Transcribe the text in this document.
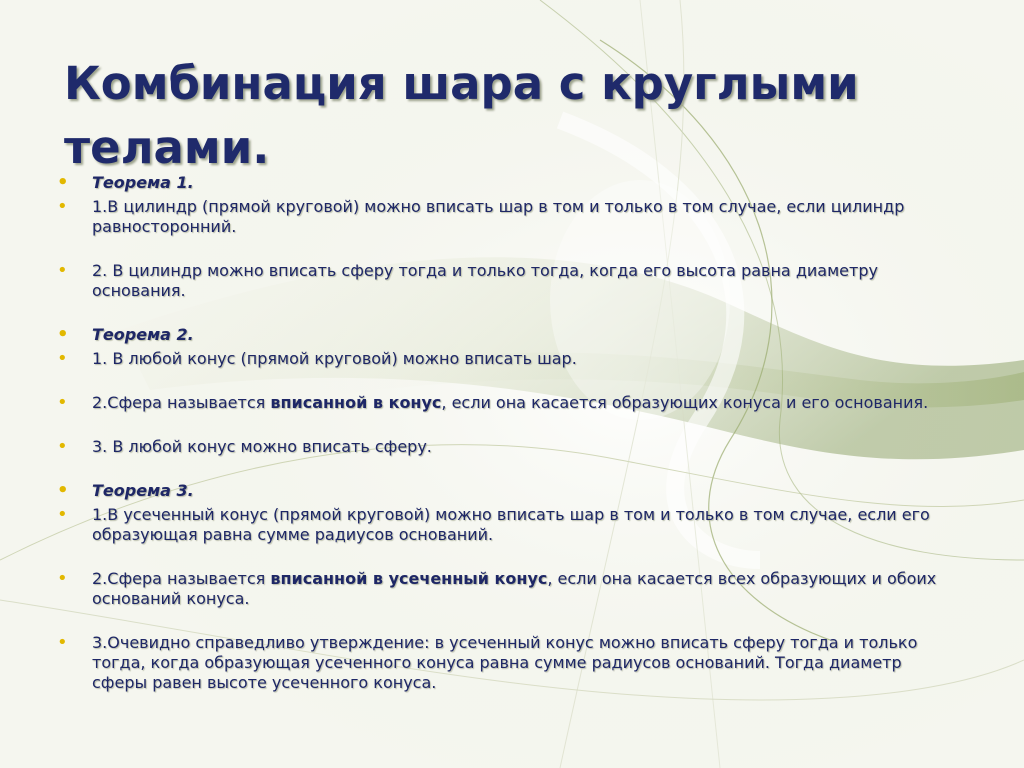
Комбинация шара с круглыми телами.
• Теорема 1.
• 1.В цилиндр (прямой круговой) можно вписать шар в том и только в том случае, если цилиндр равносторонний.
• 2. В цилиндр можно вписать сферу тогда и только тогда, когда его высота равна диаметру основания.
• Теорема 2.
• 1. В любой конус (прямой круговой) можно вписать шар.
• 2.Сфера называется вписанной в конус, если она касается образующих конуса и его основания.
• 3. В любой конус можно вписать сферу.
• Теорема 3.
• 1.В усеченный конус (прямой круговой) можно вписать шар в том и только в том случае, если его образующая равна сумме радиусов оснований.
• 2.Сфера называется вписанной в усеченный конус, если она касается всех образующих и обоих оснований конуса.
• 3.Очевидно справедливо утверждение: в усеченный конус можно вписать сферу тогда и только тогда, когда образующая усеченного конуса равна сумме радиусов оснований. Тогда диаметр сферы равен высоте усеченного конуса.
